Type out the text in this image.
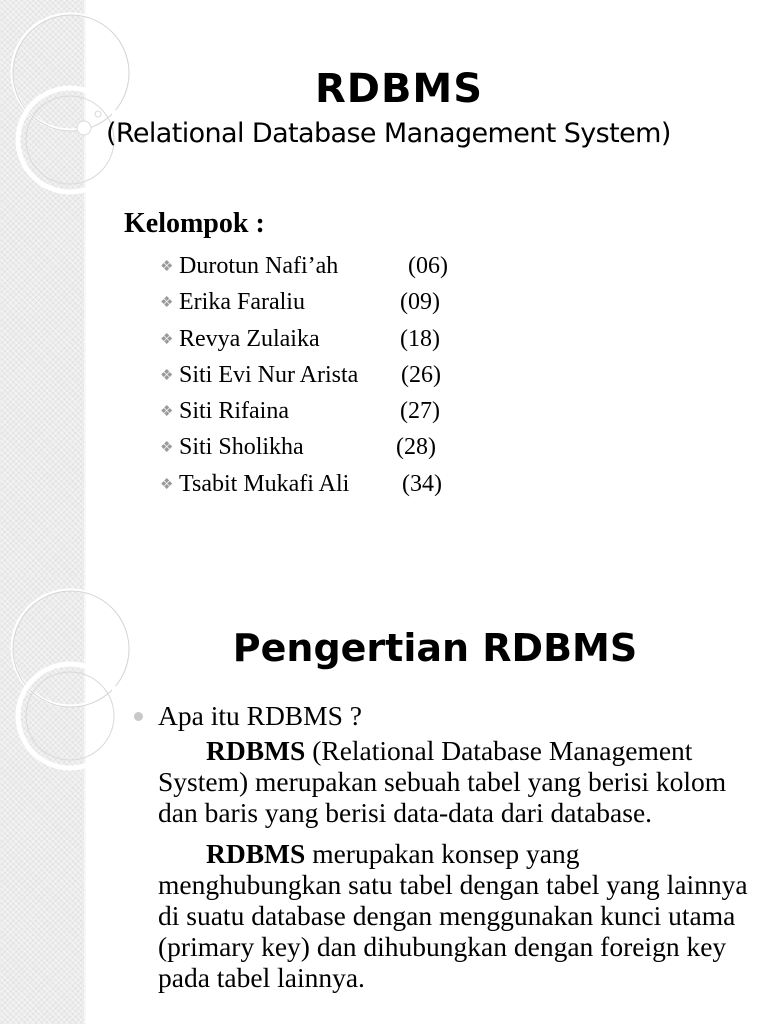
RDBMS
(Relational Database Management System)
Kelompok :
❖ Durotun Nafi’ah	(06)
❖ Erika Faraliu	(09)
❖ Revya Zulaika	(18)
❖ Siti Evi Nur Arista (26)
❖ Siti Rifaina	(27)
❖ Siti Sholikha	(28)
❖ Tsabit Mukafi Ali (34)
Pengertian RDBMS
Apa itu RDBMS ?

RDBMS (Relational Database Management System) merupakan sebuah tabel yang berisi kolom dan baris yang berisi data-data dari database.

RDBMS merupakan konsep yang menghubungkan satu tabel dengan tabel yang lainnya di suatu database dengan menggunakan kunci utama (primary key) dan dihubungkan dengan foreign key pada tabel lainnya.
